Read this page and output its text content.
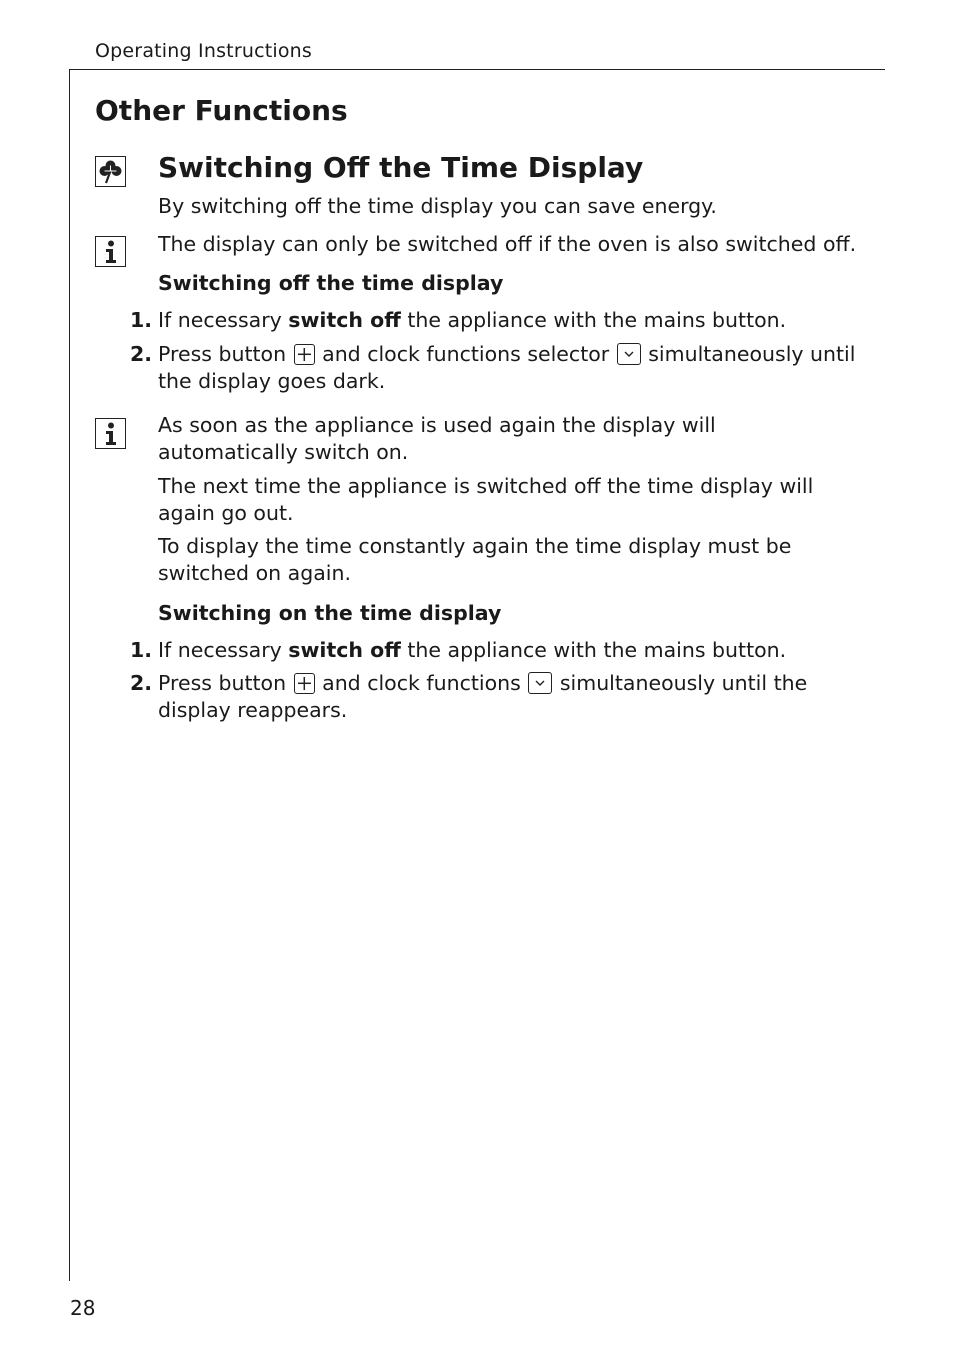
Operating Instructions
Other Functions
Switching Off the Time Display
By switching off the time display you can save energy.
The display can only be switched off if the oven is also switched off.
Switching off the time display
1. If necessary switch off the appliance with the mains button.
2. Press button
and clock functions selector
simultaneously until the display goes dark.
As soon as the appliance is used again the display will automatically switch on.
The next time the appliance is switched off the time display will again go out.
To display the time constantly again the time display must be switched on again.
Switching on the time display
1. If necessary switch off the appliance with the mains button.
2. Press button
and clock functions
simultaneously until the display reappears.
28
